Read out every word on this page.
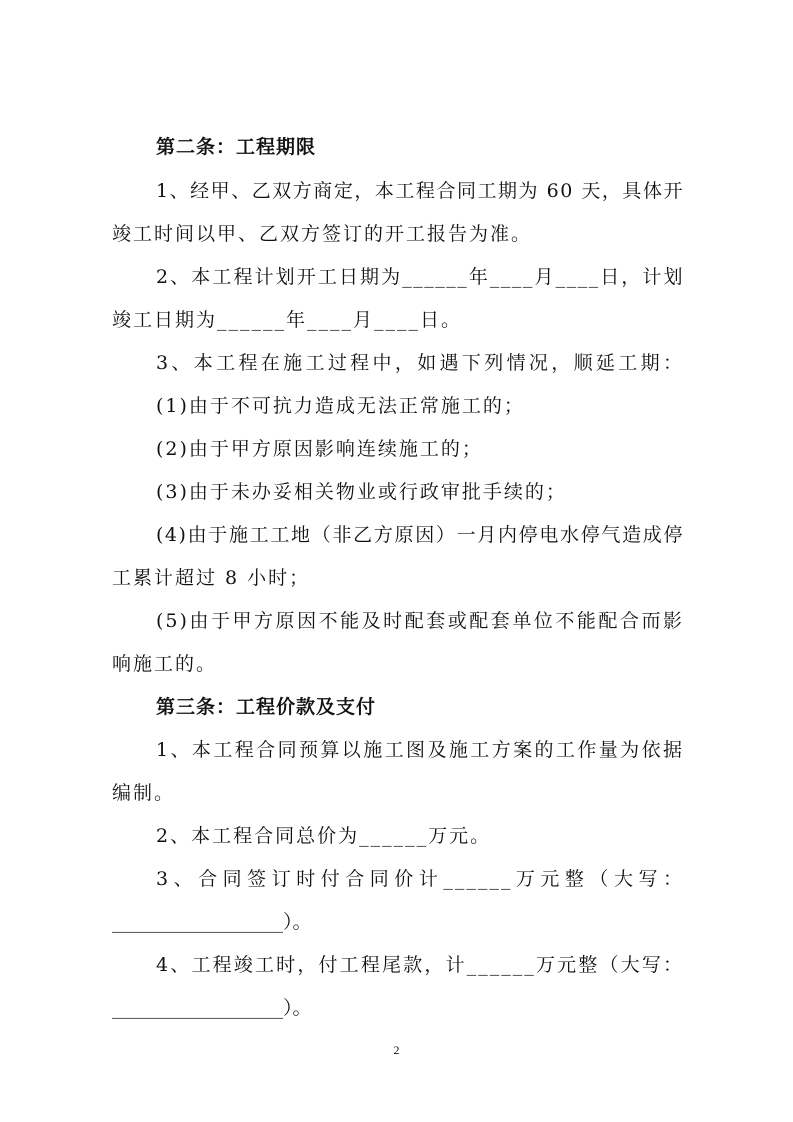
第二条：工程期限
1、经甲、乙双方商定，本工程合同工期为 60 天，具体开
竣工时间以甲、乙双方签订的开工报告为准。
2、本工程计划开工日期为______年____月____日，计划
竣工日期为______年____月____日。
3、本工程在施工过程中，如遇下列情况，顺延工期：
(1)由于不可抗力造成无法正常施工的；
(2)由于甲方原因影响连续施工的；
(3)由于未办妥相关物业或行政审批手续的；
(4)由于施工工地（非乙方原因）一月内停电水停气造成停
工累计超过 8 小时；
(5)由于甲方原因不能及时配套或配套单位不能配合而影
响施工的。
第三条：工程价款及支付
1、本工程合同预算以施工图及施工方案的工作量为依据
编制。
2、本工程合同总价为______万元。
3、合同签订时付合同价计______万元整（大写：
__________________）。
4、工程竣工时，付工程尾款，计______万元整（大写：
__________________）。
2
